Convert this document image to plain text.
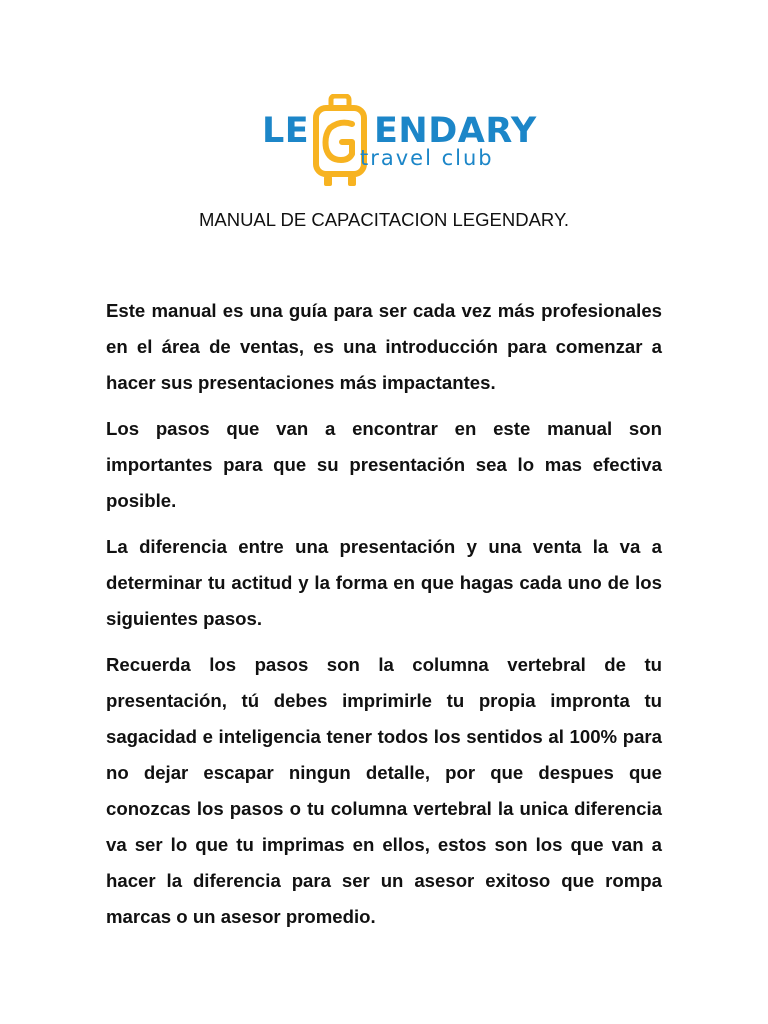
LE ENDARY
travel club
MANUAL DE CAPACITACION LEGENDARY.

Este manual es una guía para ser cada vez más profesionales en el área de ventas, es una introducción para comenzar a hacer sus presentaciones más impactantes.

Los pasos que van a encontrar en este manual son importantes para que su presentación sea lo mas efectiva posible.

La diferencia entre una presentación y una venta la va a determinar tu actitud y la forma en que hagas cada uno de los siguientes pasos.

Recuerda los pasos son la columna vertebral de tu presentación, tú debes imprimirle tu propia impronta tu sagacidad e inteligencia tener todos los sentidos al 100% para no dejar escapar ningun detalle, por que despues que conozcas los pasos o tu columna vertebral la unica diferencia va ser lo que tu imprimas en ellos, estos son los que van a hacer la diferencia para ser un asesor exitoso que rompa marcas o un asesor promedio.
